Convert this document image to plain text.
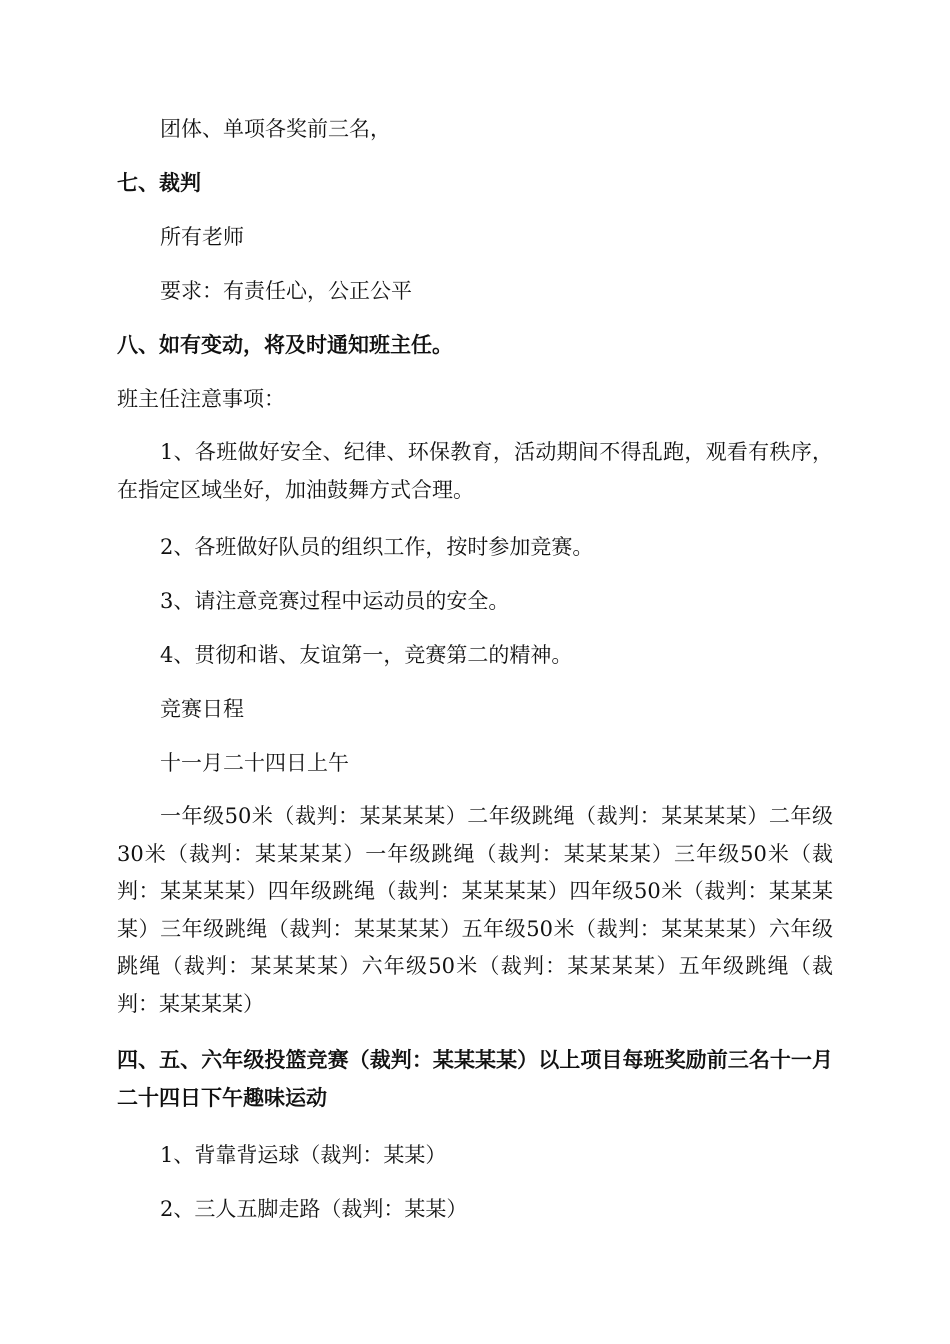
团体、单项各奖前三名，
七、裁判
所有老师
要求：有责任心，公正公平
八、如有变动，将及时通知班主任。
班主任注意事项：
1、各班做好安全、纪律、环保教育，活动期间不得乱跑，观看有秩序，在指定区域坐好，加油鼓舞方式合理。
2、各班做好队员的组织工作，按时参加竞赛。
3、请注意竞赛过程中运动员的安全。
4、贯彻和谐、友谊第一，竞赛第二的精神。
竞赛日程
十一月二十四日上午
一年级50米（裁判：某某某某）二年级跳绳（裁判：某某某某）二年级30米（裁判：某某某某）一年级跳绳（裁判：某某某某）三年级50米（裁判：某某某某）四年级跳绳（裁判：某某某某）四年级50米（裁判：某某某某）三年级跳绳（裁判：某某某某）五年级50米（裁判：某某某某）六年级跳绳（裁判：某某某某）六年级50米（裁判：某某某某）五年级跳绳（裁判：某某某某）
四、五、六年级投篮竞赛（裁判：某某某某）以上项目每班奖励前三名十一月二十四日下午趣味运动
1、背靠背运球（裁判：某某）
2、三人五脚走路（裁判：某某）
